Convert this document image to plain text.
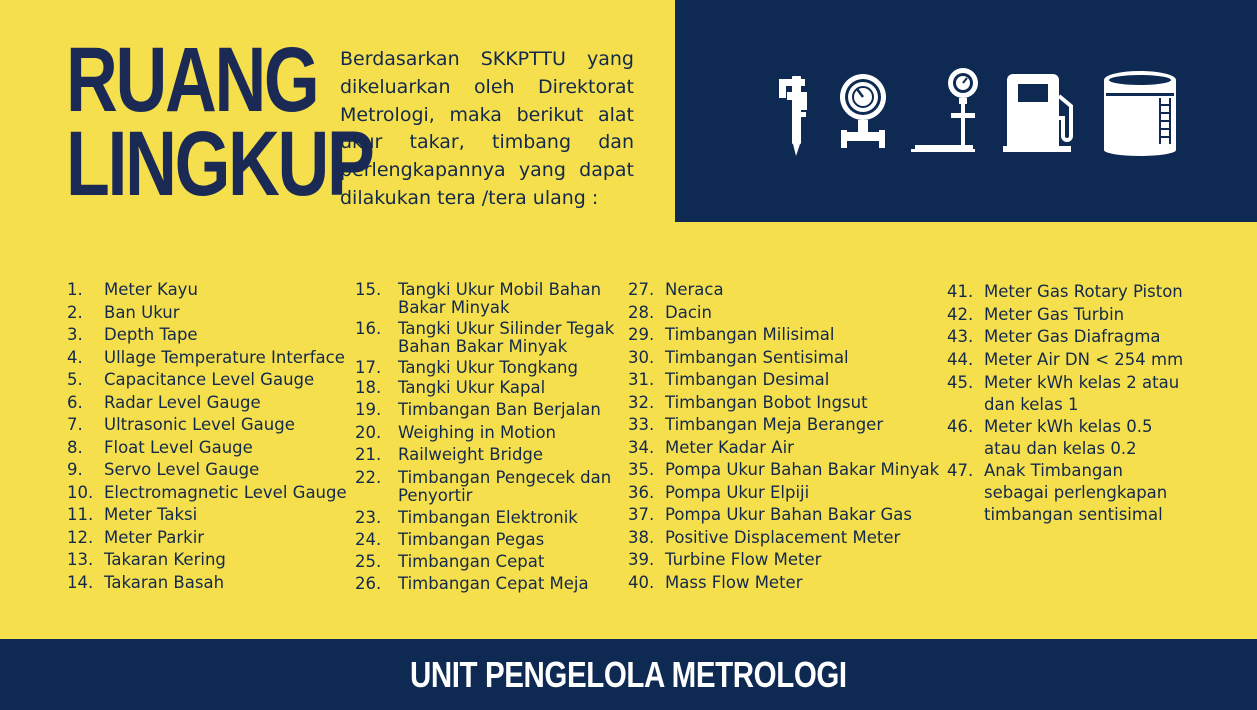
RUANG
LINGKUP

Berdasarkan SKKPTTU yang dikeluarkan oleh Direktorat Metrologi, maka berikut alat ukur takar, timbang dan perlengkapannya yang dapat dilakukan tera /tera ulang :

1.	Meter Kayu
2.	Ban Ukur
3.	Depth Tape
4.	Ullage Temperature Interface
5.	Capacitance Level Gauge
6.	Radar Level Gauge
7.	Ultrasonic Level Gauge
8.	Float Level Gauge
9.	Servo Level Gauge
10. Electromagnetic Level Gauge
11. Meter Taksi
12. Meter Parkir
13. Takaran Kering
14. Takaran Basah
15.	Tangki Ukur Mobil Bahan Bakar Minyak
16.	Tangki Ukur Silinder Tegak Bahan Bakar Minyak
17.	Tangki Ukur Tongkang
18.	Tangki Ukur Kapal
19.	Timbangan Ban Berjalan
20.	Weighing in Motion
21.	Railweight Bridge
22.	Timbangan Pengecek dan Penyortir
23.	Timbangan Elektronik
24.	Timbangan Pegas
25.	Timbangan Cepat
26.	Timbangan Cepat Meja
27. Neraca
28. Dacin
29. Timbangan Milisimal
30. Timbangan Sentisimal
31. Timbangan Desimal
32. Timbangan Bobot Ingsut
33. Timbangan Meja Beranger
34. Meter Kadar Air
35. Pompa Ukur Bahan Bakar Minyak
36. Pompa Ukur Elpiji
37. Pompa Ukur Bahan Bakar Gas
38. Positive Displacement Meter
39. Turbine Flow Meter
40. Mass Flow Meter
41. Meter Gas Rotary Piston
42. Meter Gas Turbin
43. Meter Gas Diafragma
44. Meter Air DN < 254 mm
45. Meter kWh kelas 2 atau dan kelas 1
46. Meter kWh kelas 0.5 atau dan kelas 0.2
47. Anak Timbangan sebagai perlengkapan timbangan sentisimal
UNIT PENGELOLA METROLOGI
